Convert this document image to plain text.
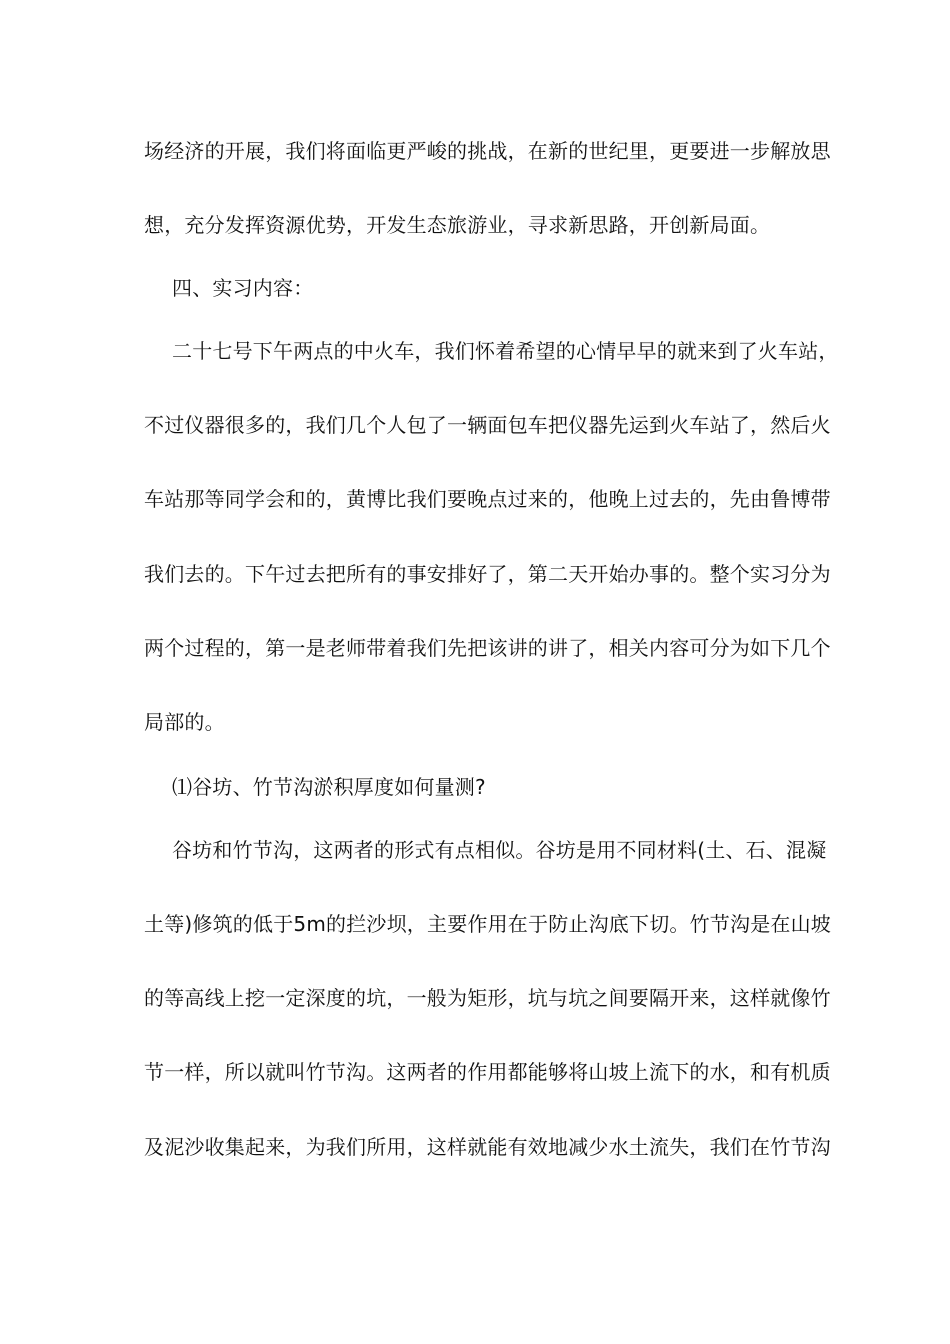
场经济的开展，我们将面临更严峻的挑战，在新的世纪里，更要进一步解放思
想，充分发挥资源优势，开发生态旅游业，寻求新思路，开创新局面。
四、实习内容：
二十七号下午两点的中火车，我们怀着希望的心情早早的就来到了火车站，
不过仪器很多的，我们几个人包了一辆面包车把仪器先运到火车站了，然后火
车站那等同学会和的，黄博比我们要晚点过来的，他晚上过去的，先由鲁博带
我们去的。下午过去把所有的事安排好了，第二天开始办事的。整个实习分为
两个过程的，第一是老师带着我们先把该讲的讲了，相关内容可分为如下几个
局部的。
⑴谷坊、竹节沟淤积厚度如何量测?
谷坊和竹节沟，这两者的形式有点相似。谷坊是用不同材料(土、石、混凝
土等)修筑的低于5m的拦沙坝，主要作用在于防止沟底下切。竹节沟是在山坡
的等高线上挖一定深度的坑，一般为矩形，坑与坑之间要隔开来，这样就像竹
节一样，所以就叫竹节沟。这两者的作用都能够将山坡上流下的水，和有机质
及泥沙收集起来，为我们所用，这样就能有效地减少水土流失，我们在竹节沟
